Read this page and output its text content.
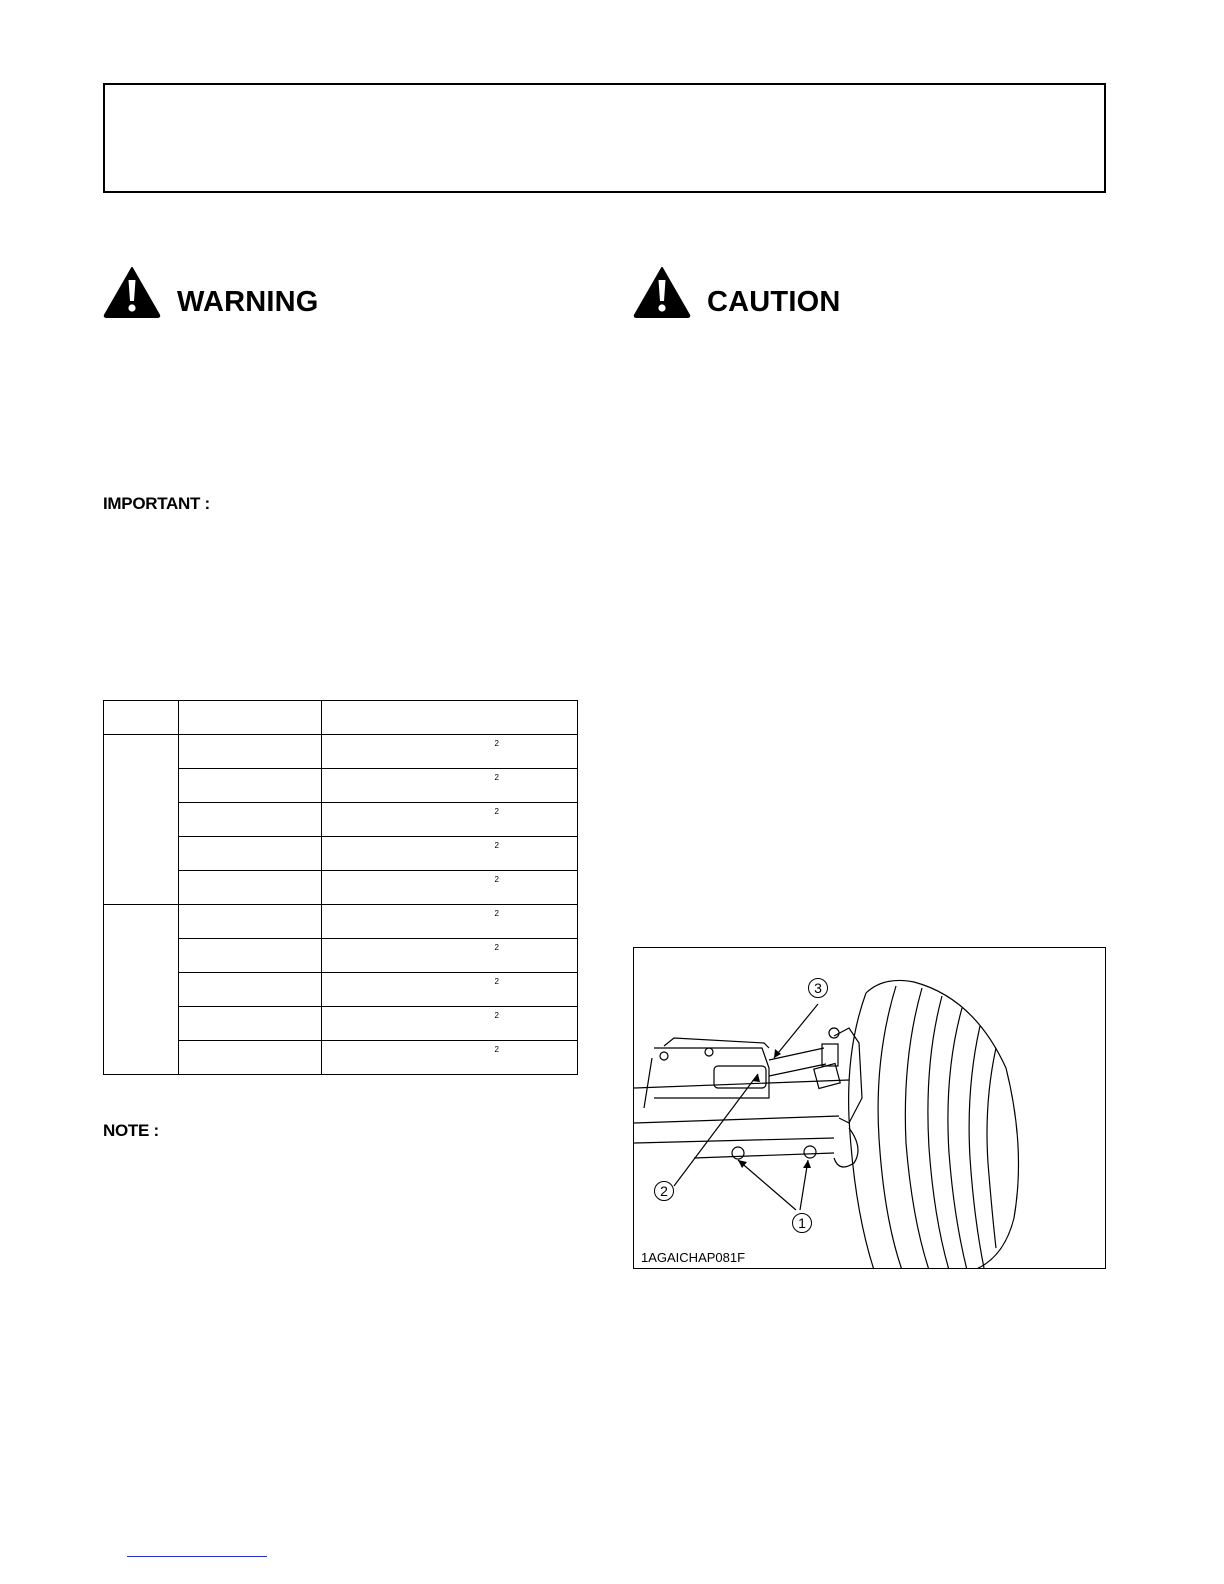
WARNING	CAUTION
IMPORTANT :

		2

		2

		2

		2

		2

		2

		2

		2

		2

		2
NOTE :
3
2
1
1AGAICHAP081F
